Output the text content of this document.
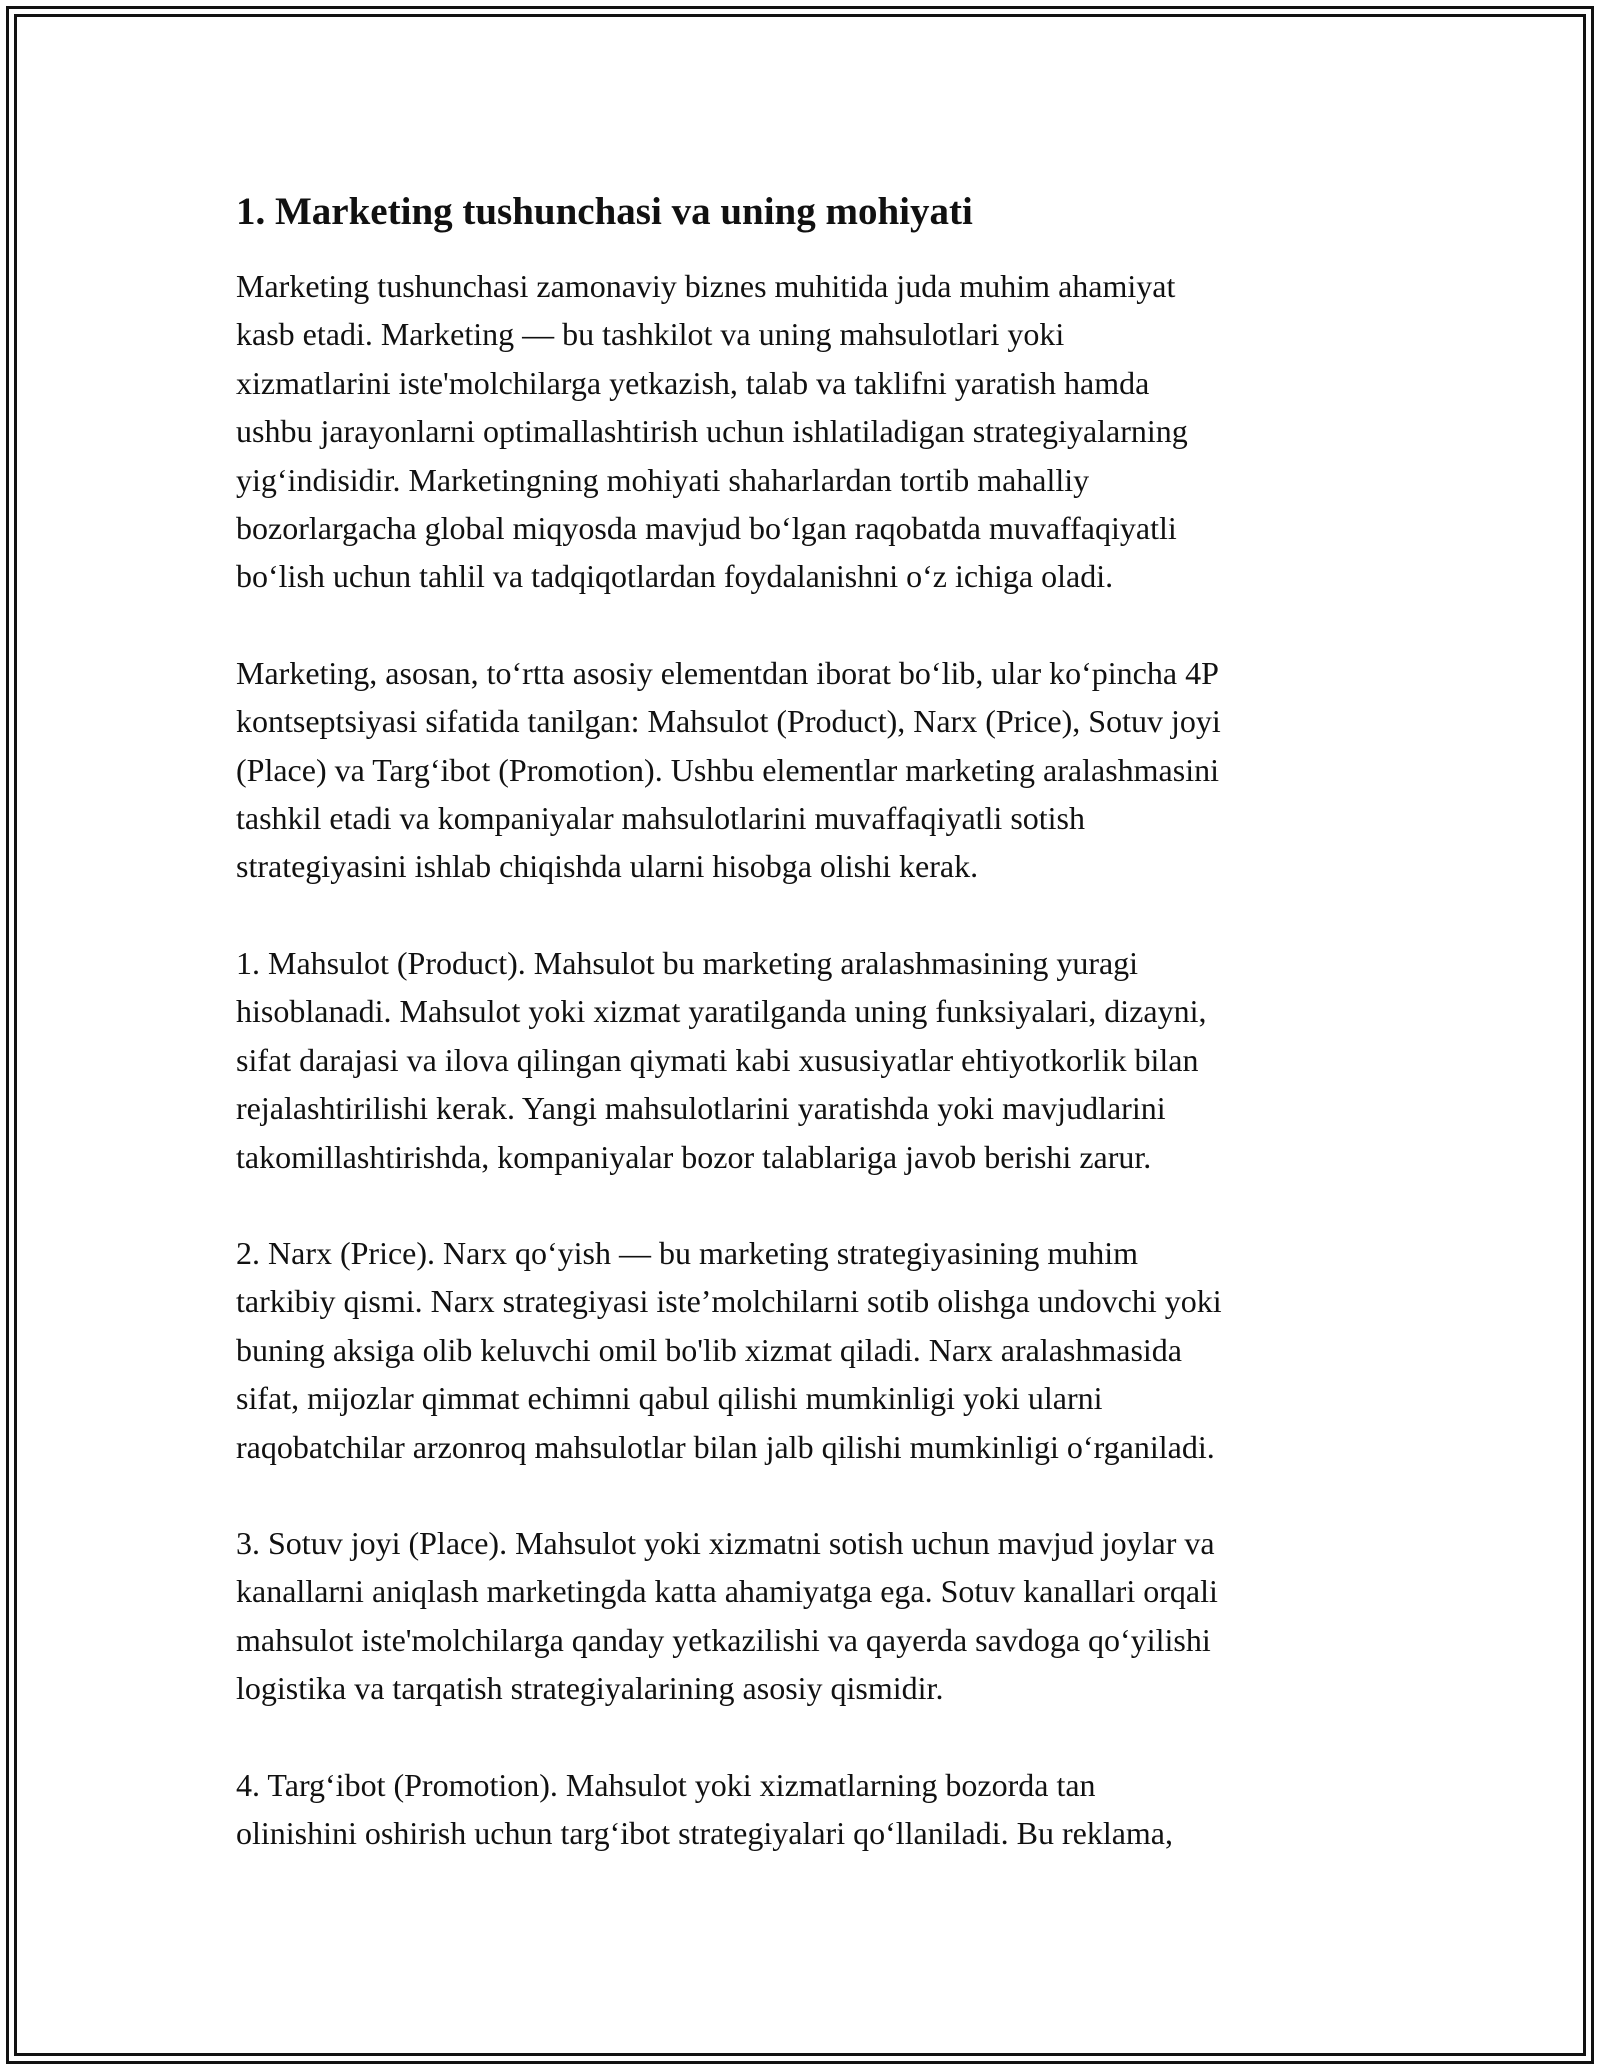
1. Marketing tushunchasi va uning mohiyati

Marketing tushunchasi zamonaviy biznes muhitida juda muhim ahamiyat
kasb etadi. Marketing — bu tashkilot va uning mahsulotlari yoki
xizmatlarini iste'molchilarga yetkazish, talab va taklifni yaratish hamda
ushbu jarayonlarni optimallashtirish uchun ishlatiladigan strategiyalarning
yig‘indisidir. Marketingning mohiyati shaharlardan tortib mahalliy
bozorlargacha global miqyosda mavjud bo‘lgan raqobatda muvaffaqiyatli
bo‘lish uchun tahlil va tadqiqotlardan foydalanishni o‘z ichiga oladi.

Marketing, asosan, to‘rtta asosiy elementdan iborat bo‘lib, ular ko‘pincha 4P
kontseptsiyasi sifatida tanilgan: Mahsulot (Product), Narx (Price), Sotuv joyi
(Place) va Targ‘ibot (Promotion). Ushbu elementlar marketing aralashmasini
tashkil etadi va kompaniyalar mahsulotlarini muvaffaqiyatli sotish
strategiyasini ishlab chiqishda ularni hisobga olishi kerak.

1. Mahsulot (Product). Mahsulot bu marketing aralashmasining yuragi
hisoblanadi. Mahsulot yoki xizmat yaratilganda uning funksiyalari, dizayni,
sifat darajasi va ilova qilingan qiymati kabi xususiyatlar ehtiyotkorlik bilan
rejalashtirilishi kerak. Yangi mahsulotlarini yaratishda yoki mavjudlarini
takomillashtirishda, kompaniyalar bozor talablariga javob berishi zarur.

2. Narx (Price). Narx qo‘yish — bu marketing strategiyasining muhim
tarkibiy qismi. Narx strategiyasi iste’molchilarni sotib olishga undovchi yoki
buning aksiga olib keluvchi omil bo'lib xizmat qiladi. Narx aralashmasida
sifat, mijozlar qimmat echimni qabul qilishi mumkinligi yoki ularni
raqobatchilar arzonroq mahsulotlar bilan jalb qilishi mumkinligi o‘rganiladi.

3. Sotuv joyi (Place). Mahsulot yoki xizmatni sotish uchun mavjud joylar va
kanallarni aniqlash marketingda katta ahamiyatga ega. Sotuv kanallari orqali
mahsulot iste'molchilarga qanday yetkazilishi va qayerda savdoga qo‘yilishi
logistika va tarqatish strategiyalarining asosiy qismidir.

4. Targ‘ibot (Promotion). Mahsulot yoki xizmatlarning bozorda tan
olinishini oshirish uchun targ‘ibot strategiyalari qo‘llaniladi. Bu reklama,
